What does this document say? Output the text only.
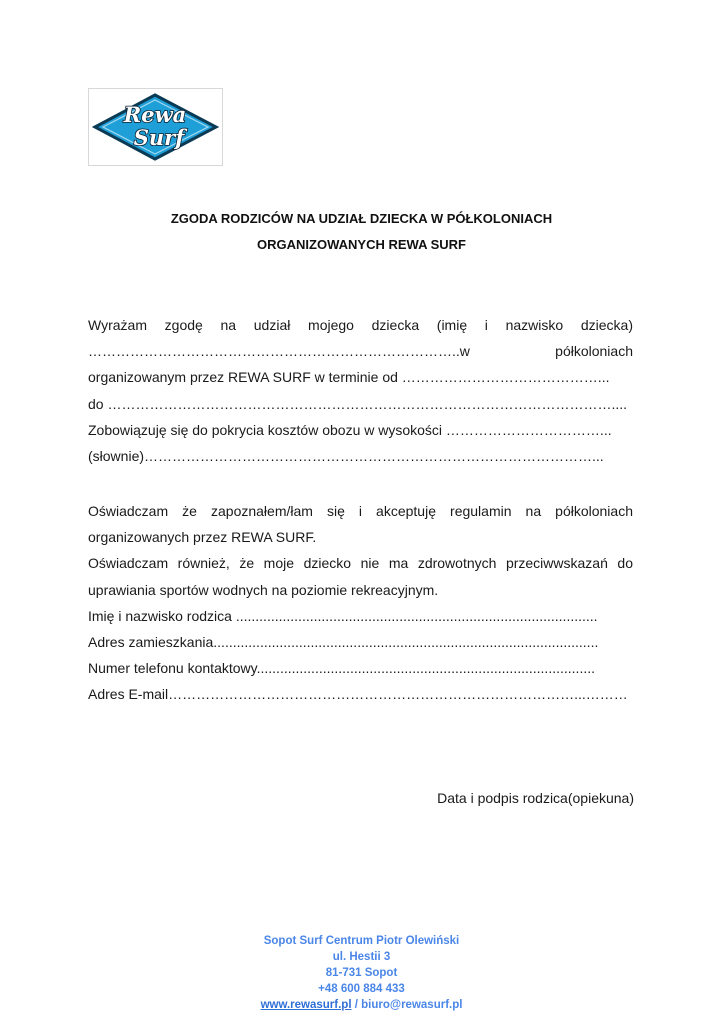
Rewa
Surf
ZGODA RODZICÓW NA UDZIAŁ DZIECKA W PÓŁKOLONIACH
ORGANIZOWANYCH REWA SURF
Wyrażam zgodę na udział mojego dziecka (imię i nazwisko dziecka)
……………………………………………………………………..w półkoloniach
organizowanym przez REWA SURF w terminie od ……………………………………...
do ………………………………………………………………………………………………....
Zobowiązuję się do pokrycia kosztów obozu w wysokości ……………………………...
(słownie)……………………………………………………………………………………...
Oświadczam że zapoznałem/łam się i akceptuję regulamin na półkoloniach
organizowanych przez REWA SURF.
Oświadczam również, że moje dziecko nie ma zdrowotnych przeciwwskazań do
uprawiania sportów wodnych na poziomie rekreacyjnym.
Imię i nazwisko rodzica .............................................................................................
Adres zamieszkania...................................................................................................
Numer telefonu kontaktowy.......................................................................................
Adres E-mail……………………………………………………………………………...………
Data i podpis rodzica(opiekuna)
Sopot Surf Centrum Piotr Olewiński
ul. Hestii 3
81-731 Sopot
+48 600 884 433
www.rewasurf.pl / biuro@rewasurf.pl
